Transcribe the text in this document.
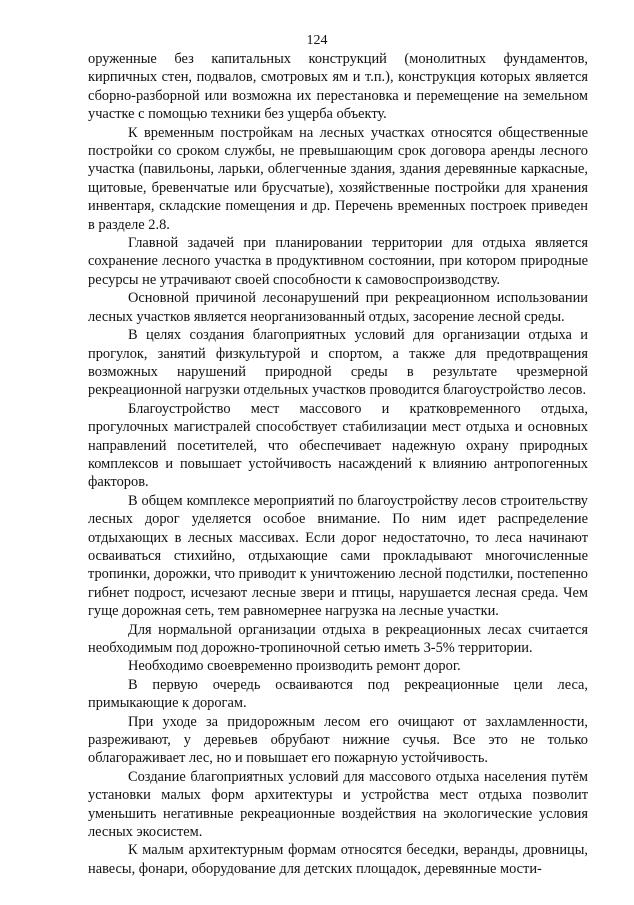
124

оруженные без капитальных конструкций (монолитных фундаментов, кирпичных стен, подвалов, смотровых ям и т.п.), конструкция которых является сборно-разборной или возможна их перестановка и перемещение на земельном участке с помощью техники без ущерба объекту.

К временным постройкам на лесных участках относятся общественные постройки со сроком службы, не превышающим срок договора аренды лесного участка (павильоны, ларьки, облегченные здания, здания деревянные каркасные, щитовые, бревенчатые или брусчатые), хозяйственные постройки для хранения инвентаря, складские помещения и др. Перечень временных построек приведен в разделе 2.8.

Главной задачей при планировании территории для отдыха является сохранение лесного участка в продуктивном состоянии, при котором природные ресурсы не утрачивают своей способности к самовоспроизводству.

Основной причиной лесонарушений при рекреационном использовании лесных участков является неорганизованный отдых, засорение лесной среды.

В целях создания благоприятных условий для организации отдыха и прогулок, занятий физкультурой и спортом, а также для предотвращения возможных нарушений природной среды в результате чрезмерной рекреационной нагрузки отдельных участков проводится благоустройство лесов.

Благоустройство мест массового и кратковременного отдыха, прогулочных магистралей способствует стабилизации мест отдыха и основных направлений посетителей, что обеспечивает надежную охрану природных комплексов и повышает устойчивость насаждений к влиянию антропогенных факторов.

В общем комплексе мероприятий по благоустройству лесов строительству лесных дорог уделяется особое внимание. По ним идет распределение отдыхающих в лесных массивах. Если дорог недостаточно, то леса начинают осваиваться стихийно, отдыхающие сами прокладывают многочисленные тропинки, дорожки, что приводит к уничтожению лесной подстилки, постепенно гибнет подрост, исчезают лесные звери и птицы, нарушается лесная среда. Чем гуще дорожная сеть, тем равномернее нагрузка на лесные участки.

Для нормальной организации отдыха в рекреационных лесах считается необходимым под дорожно-тропиночной сетью иметь 3-5% территории.

Необходимо своевременно производить ремонт дорог.

В первую очередь осваиваются под рекреационные цели леса, примыкающие к дорогам.

При уходе за придорожным лесом его очищают от захламленности, разреживают, у деревьев обрубают нижние сучья. Все это не только облагораживает лес, но и повышает его пожарную устойчивость.

Создание благоприятных условий для массового отдыха населения путём установки малых форм архитектуры и устройства мест отдыха позволит уменьшить негативные рекреационные воздействия на экологические условия лесных экосистем.

К малым архитектурным формам относятся беседки, веранды, дровницы, навесы, фонари, оборудование для детских площадок, деревянные мости-
